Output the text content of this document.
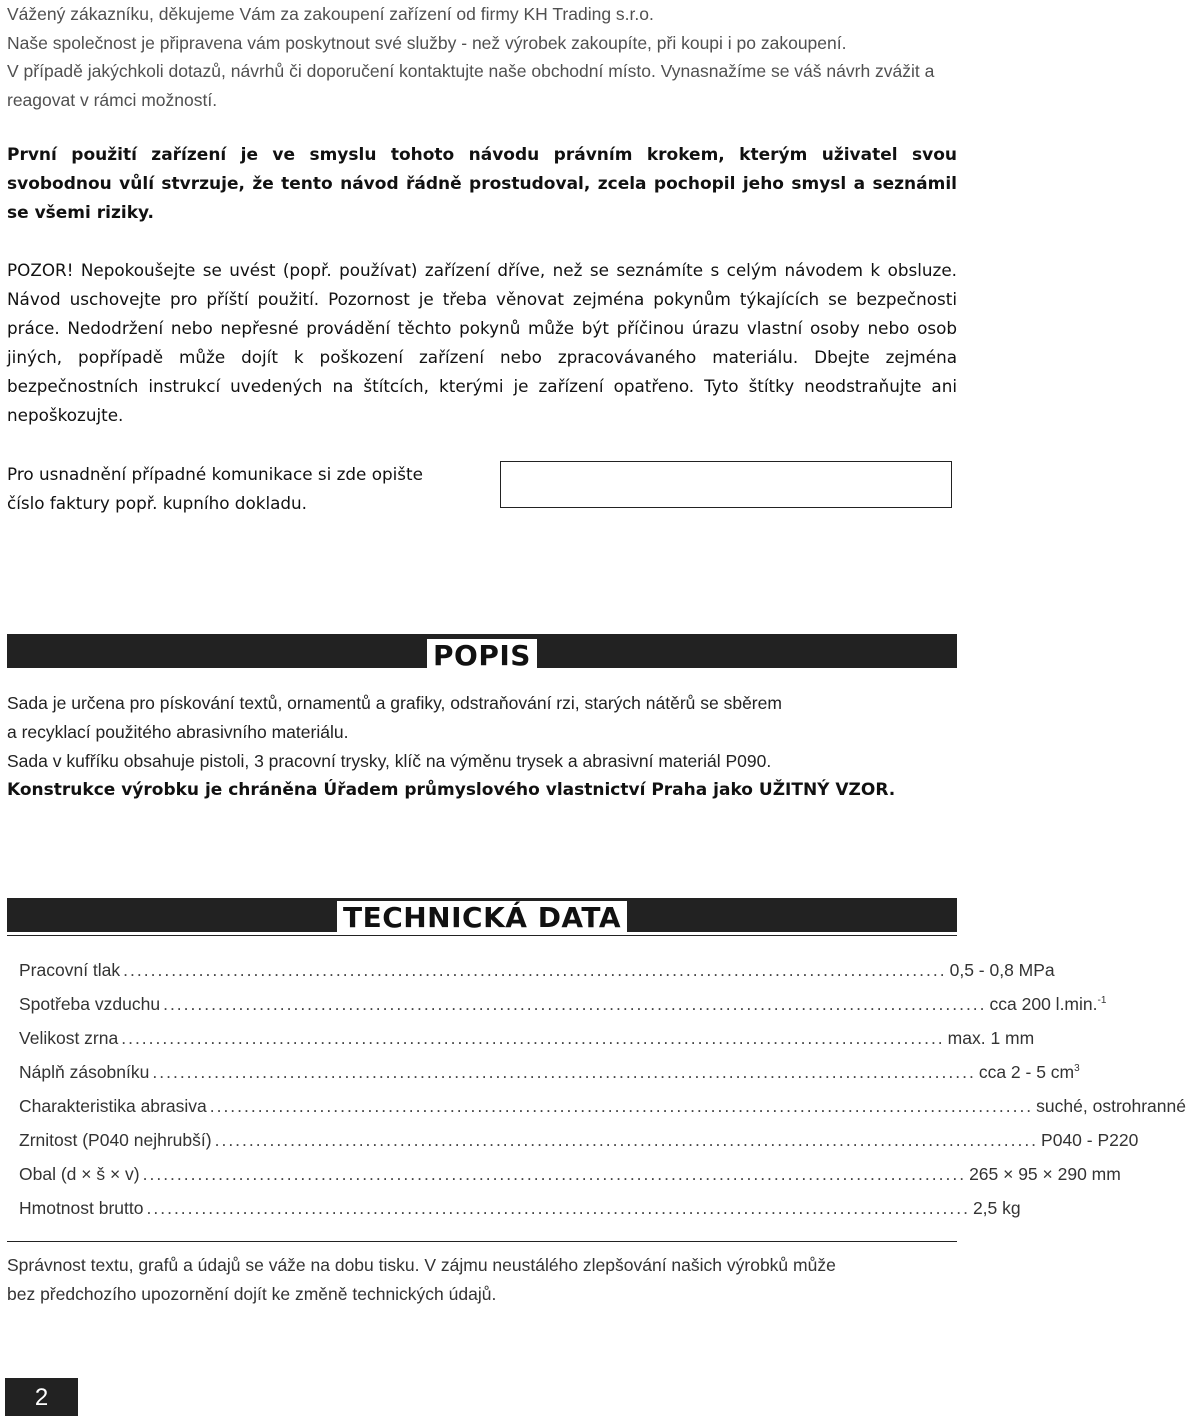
Vážený zákazníku, děkujeme Vám za zakoupení zařízení od firmy KH Trading s.r.o.

Naše společnost je připravena vám poskytnout své služby - než výrobek zakoupíte, při koupi i po zakoupení.

V případě jakýchkoli dotazů, návrhů či doporučení kontaktujte naše obchodní místo. Vynasnažíme se váš návrh zvážit a reagovat v rámci možností.

První použití zařízení je ve smyslu tohoto návodu právním krokem, kterým uživatel svou svobodnou vůlí stvrzuje, že tento návod řádně prostudoval, zcela pochopil jeho smysl a seznámil se všemi riziky.

POZOR! Nepokoušejte se uvést (popř. používat) zařízení dříve, než se seznámíte s celým návodem k obsluze. Návod uschovejte pro příští použití. Pozornost je třeba věnovat zejména pokynům týkajících se bezpečnosti práce. Nedodržení nebo nepřesné provádění těchto pokynů může být příčinou úrazu vlastní osoby nebo osob jiných, popřípadě může dojít k poškození zařízení nebo zpracovávaného materiálu. Dbejte zejména bezpečnostních instrukcí uvedených na štítcích, kterými je zařízení opatřeno. Tyto štítky neodstraňujte ani nepoškozujte.

Pro usnadnění případné komunikace si zde opište

číslo faktury popř. kupního dokladu.

POPIS

Sada je určena pro pískování textů, ornamentů a grafiky, odstraňování rzi, starých nátěrů se sběrem

a recyklací použitého abrasivního materiálu.

Sada v kufříku obsahuje pistoli, 3 pracovní trysky, klíč na výměnu trysek a abrasivní materiál P090.

Konstrukce výrobku je chráněna Úřadem průmyslového vlastnictví Praha jako UŽITNÝ VZOR.

TECHNICKÁ DATA
Pracovní tlak ........................................................................................................................ 0,5 - 0,8 MPa
Spotřeba vzduchu ........................................................................................................................ cca 200 l.min.$^{-1}$
Velikost zrna ........................................................................................................................ max. 1 mm
Náplň zásobníku ........................................................................................................................ cca 2 - 5 $cm^3$
Charakteristika abrasiva ........................................................................................................................ suché, ostrohranné
Zrnitost (P040 nejhrubší) ........................................................................................................................ P040 - P220
Obal (d × š × v) ........................................................................................................................ 265 × 95 × 290 mm
Hmotnost brutto ........................................................................................................................ 2,5 kg

Správnost textu, grafů a údajů se váže na dobu tisku. V zájmu neustálého zlepšování našich výrobků může

bez předchozího upozornění dojít ke změně technických údajů.

2
